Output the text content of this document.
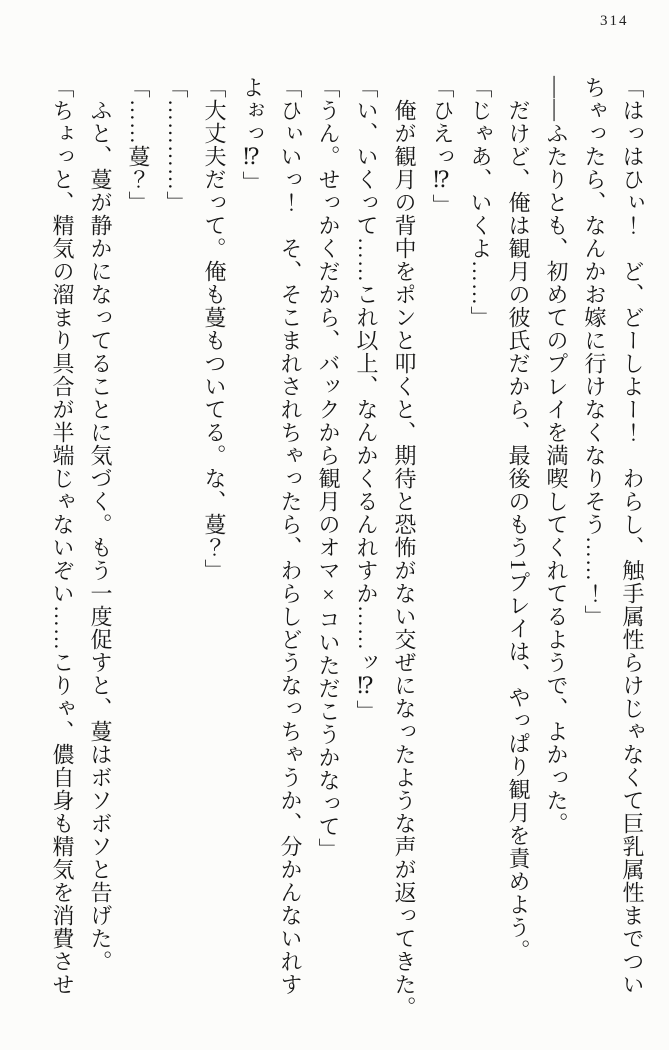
314

「はっはひぃ！　ど、どーしよー！　わらし、触手属性らけじゃなくて巨乳属性までつい

ちゃったら、なんかお嫁に行けなくなりそう……！」

――ふたりとも、初めてのプレイを満喫してくれてるようで、よかった。

　だけど、俺は観月の彼氏だから、最後のもう1プレイは、やっぱり観月を責めよう。

「じゃあ、いくよ……」

「ひえっ⁉」

　俺が観月の背中をポンと叩くと、期待と恐怖がない交ぜになったような声が返ってきた。

「い、いくって……これ以上、なんかくるんれすか……ッ⁉」

「うん。せっかくだから、バックから観月のオマ×コいただこうかなって」

「ひぃいっ！　そ、そこまれされちゃったら、わらしどうなっちゃうか、分かんないれす

よぉっ⁉」

「大丈夫だって。俺も蔓もついてる。な、蔓？」

「…………」

「……蔓？」

　ふと、蔓が静かになってることに気づく。もう一度促すと、蔓はボソボソと告げた。

「ちょっと、精気の溜まり具合が半端じゃないぞい……こりゃ、儂自身も精気を消費させ
